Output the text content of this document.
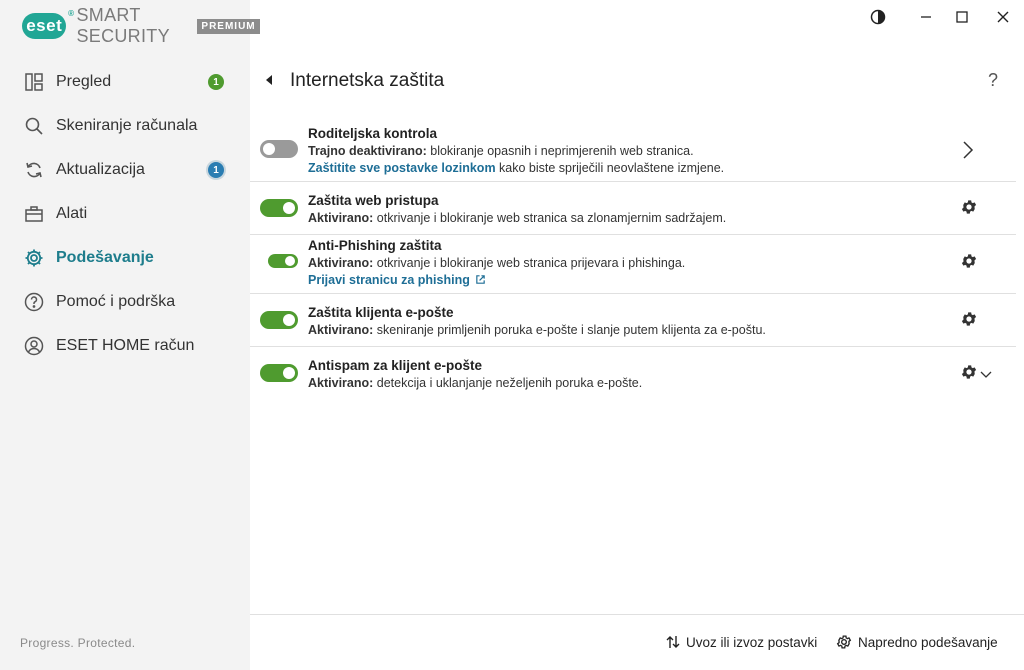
eset
® SMART SECURITY	PREMIUM
Pregled	1
Skeniranje računala
Aktualizacija	1
Alati
Podešavanje
Pomoć i podrška
ESET HOME račun
Progress. Protected.
Internetska zaštita	?
Roditeljska kontrola
Trajno deaktivirano: blokiranje opasnih i neprimjerenih web stranica.
Zaštitite sve postavke lozinkom kako biste spriječili neovlaštene izmjene.
Zaštita web pristupa
Aktivirano: otkrivanje i blokiranje web stranica sa zlonamjernim sadržajem.
Anti-Phishing zaštita
Aktivirano: otkrivanje i blokiranje web stranica prijevara i phishinga.
Prijavi stranicu za phishing
Zaštita klijenta e-pošte
Aktivirano: skeniranje primljenih poruka e-pošte i slanje putem klijenta za e-poštu.
Antispam za klijent e-pošte
Aktivirano: detekcija i uklanjanje neželjenih poruka e-pošte.
Uvoz ili izvoz postavki	Napredno podešavanje
